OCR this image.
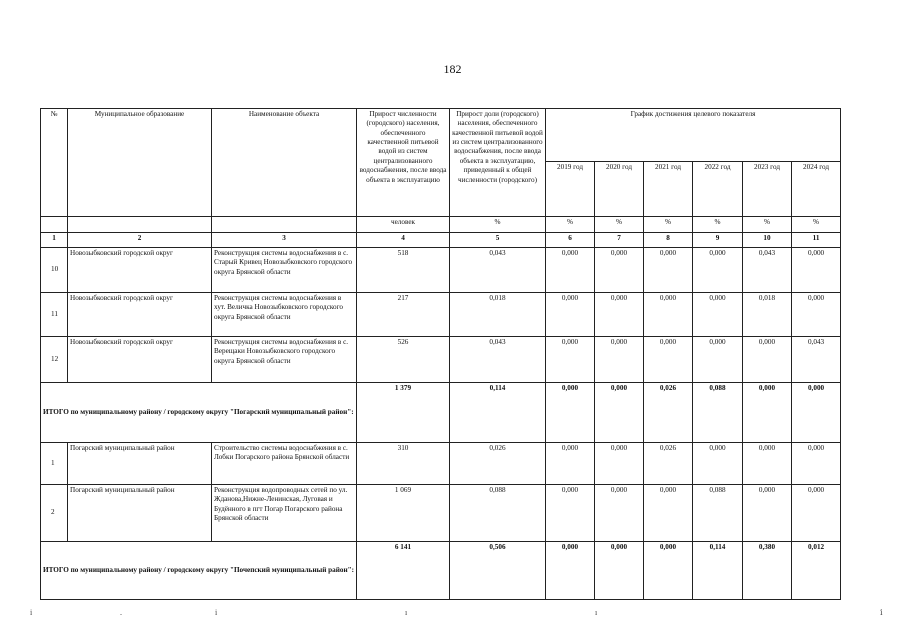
182
№	Муниципальное образование	Наименование объекта	Прирост численности (городского) населения, обеспеченного качественной питьевой водой из систем централизованного водоснабжения, после ввода объекта в эксплуатацию	Прирост доли (городского) населения, обеспеченного качественной питьевой водой из систем централизованного водоснабжения, после ввода объекта в эксплуатацию, приведенный к общей численности (городского)	График достижения целевого показателя					
					2019 год	2020 год	2021 год	2022 год	2023 год	2024 год
			человек	%	%	%	%	%	%	%
1	2	3	4	5	6	7	8	9	10	11
10	Новозыбковский городской округ	Реконструкция системы водоснабжения в с. Старый Кривец Новозыбковского городского округа Брянской области	518	0,043	0,000	0,000	0,000	0,000	0,043	0,000
11	Новозыбковский городской округ	Реконструкция системы водоснабжения в хут. Величка Новозыбковского городского округа Брянской области	217	0,018	0,000	0,000	0,000	0,000	0,018	0,000
12	Новозыбковский городской округ	Реконструкция системы водоснабжения в с. Верещаки Новозыбковского городского округа Брянской области	526	0,043	0,000	0,000	0,000	0,000	0,000	0,043
ИТОГО по муниципальному району / городскому округу "Погарский муниципальный район":			1 379	0,114	0,000	0,000	0,026	0,088	0,000	0,000
1	Погарский муниципальный район	Строительство системы водоснабжения в с. Лобки Погарского района Брянской области	310	0,026	0,000	0,000	0,026	0,000	0,000	0,000
2	Погарский муниципальный район	Реконструкция водопроводных сетей по ул. Жданова,Нижне-Ленинская, Луговая и Будённого в пгт Погар Погарского района Брянской области	1 069	0,088	0,000	0,000	0,000	0,088	0,000	0,000
ИТОГО по муниципальному району / городскому округу "Почепский муниципальный район":			6 141	0,506	0,000	0,000	0,000	0,114	0,380	0,012
i	.	i	ı	ı	ⅰ
